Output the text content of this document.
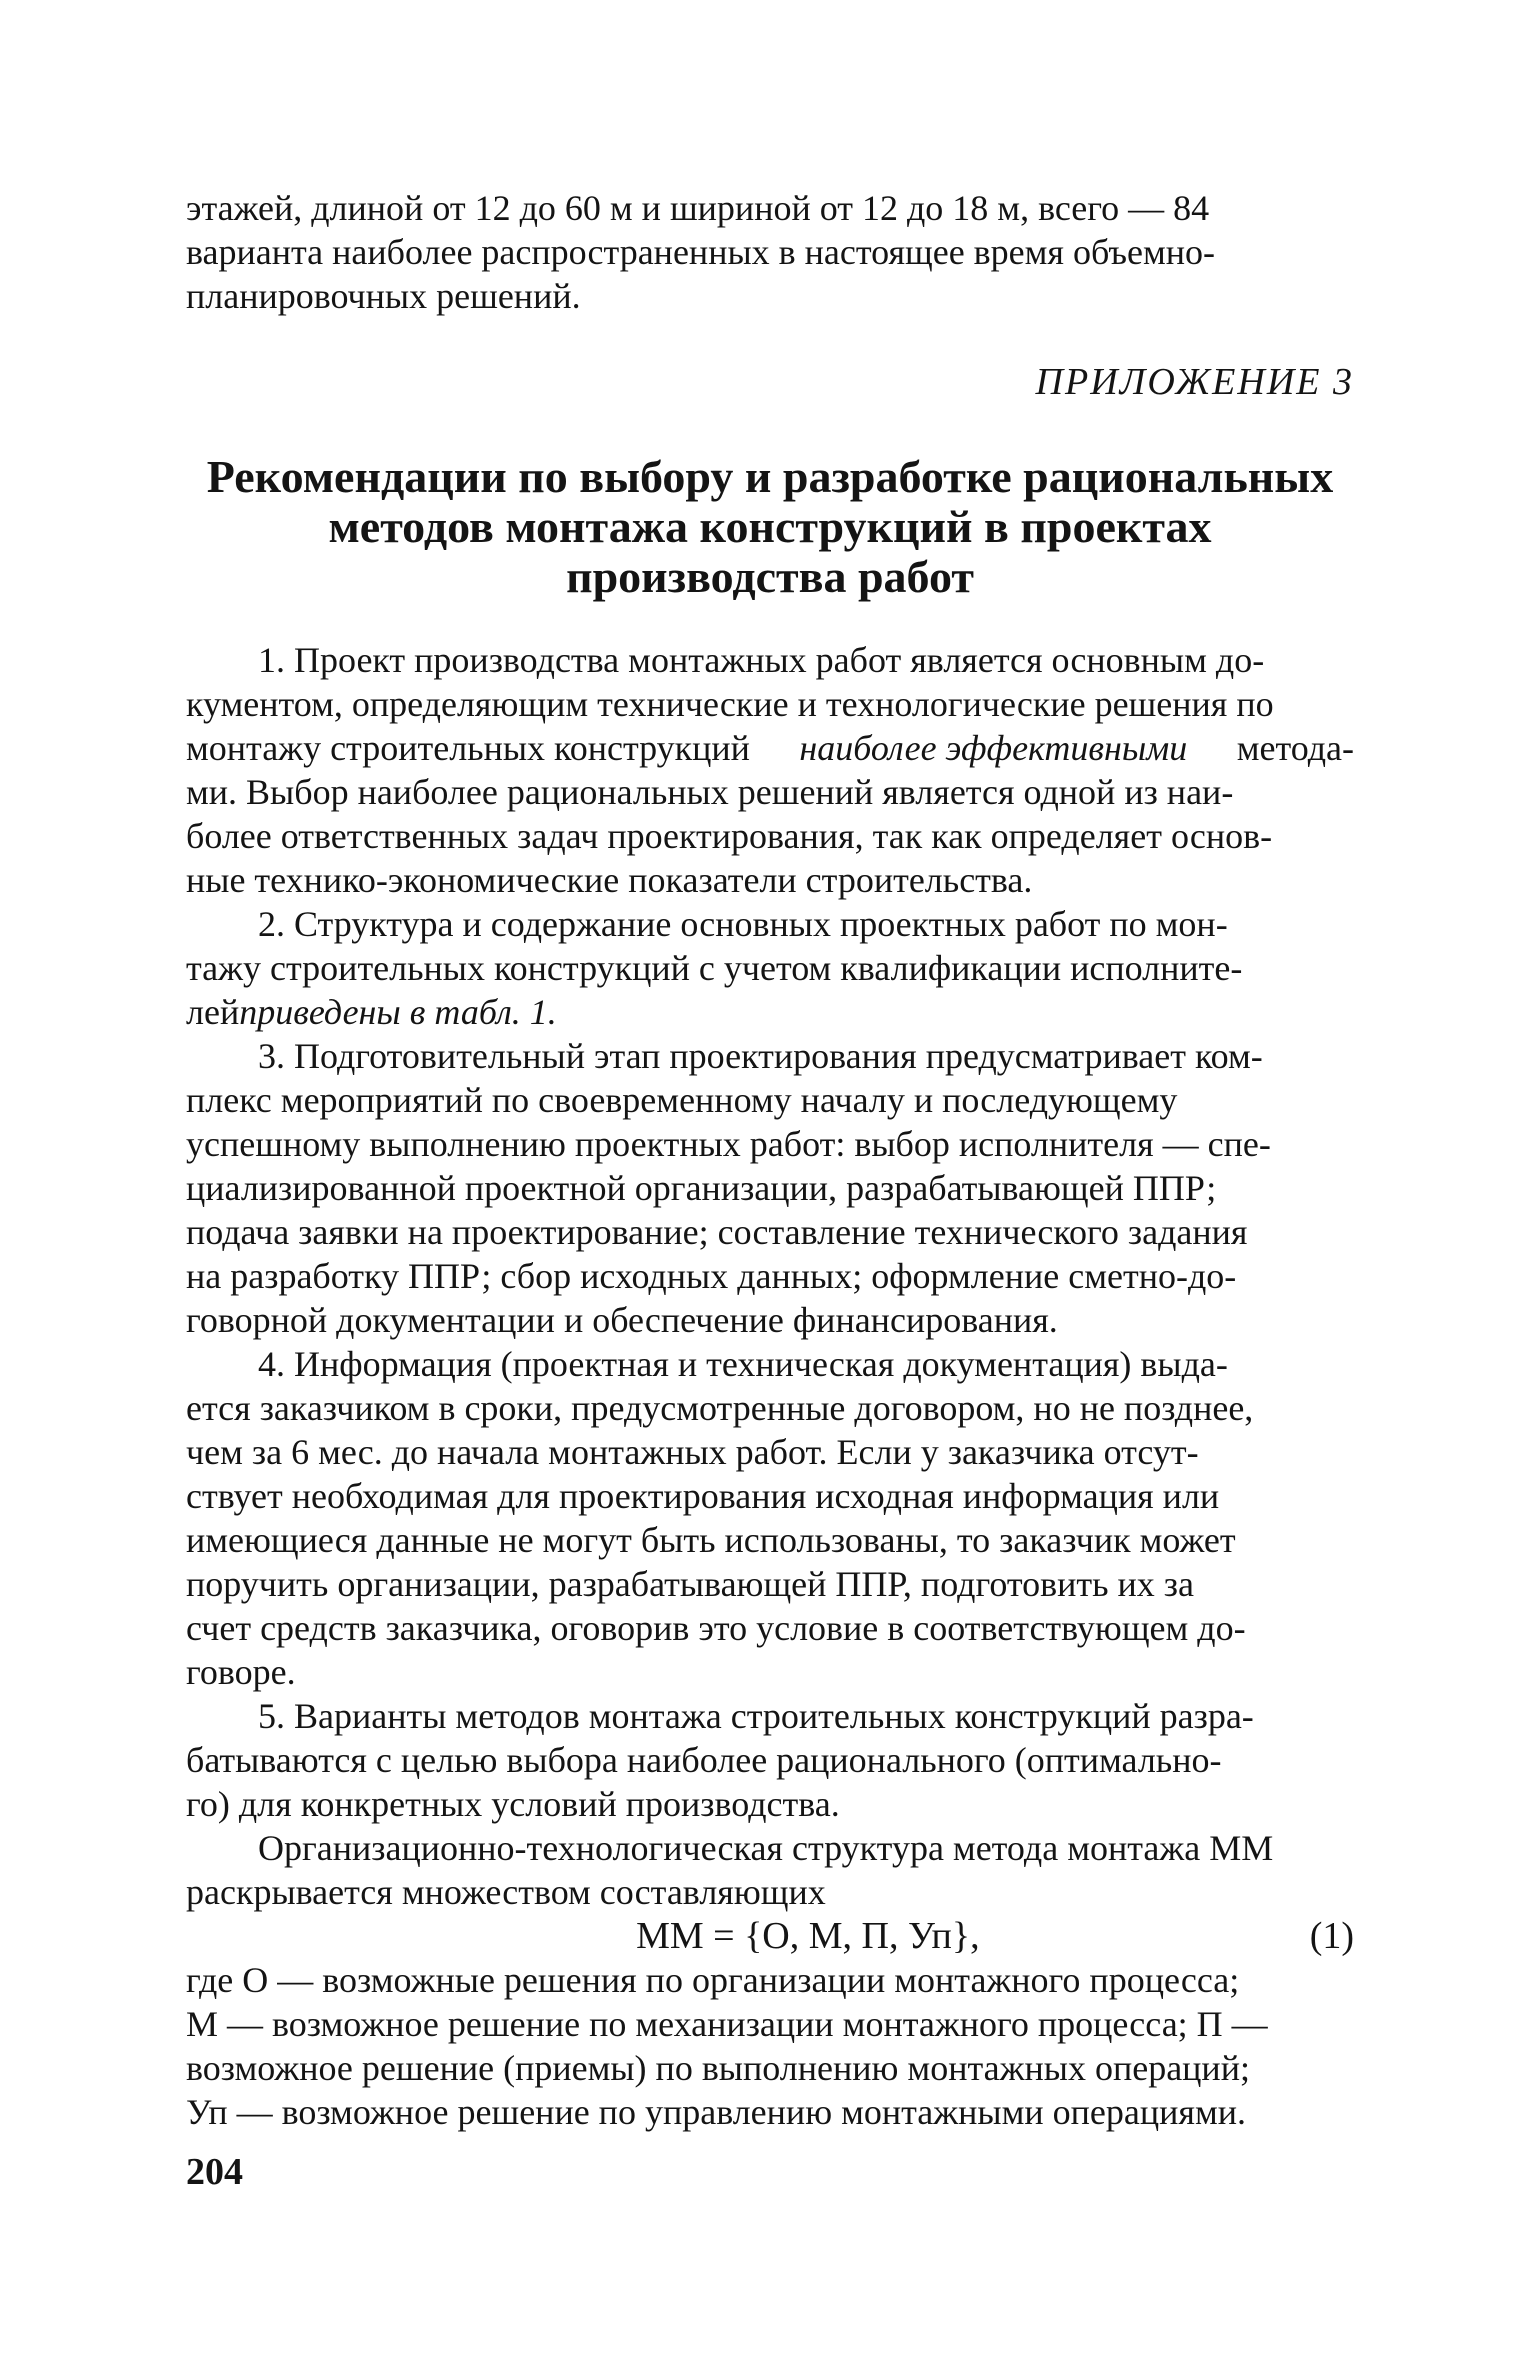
этажей, длиной от 12 до 60 м и шириной от 12 до 18 м, всего — 84
варианта наиболее распространенных в настоящее время объемно-
планировочных решений.
ПРИЛОЖЕНИЕ 3
Рекомендации по выбору и разработке рациональных
методов монтажа конструкций в проектах
производства работ
1. Проект производства монтажных работ является основным до-
кументом, определяющим технические и технологические решения по
монтажу строительных конструкций наиболее эффективными метода-
ми. Выбор наиболее рациональных решений является одной из наи-
более ответственных задач проектирования, так как определяет основ-
ные технико-экономические показатели строительства.
2. Структура и содержание основных проектных работ по мон-
тажу строительных конструкций с учетом квалификации исполните-
лей приведены в табл. 1.
3. Подготовительный этап проектирования предусматривает ком-
плекс мероприятий по своевременному началу и последующему
успешному выполнению проектных работ: выбор исполнителя — спе-
циализированной проектной организации, разрабатывающей ППР;
подача заявки на проектирование; составление технического задания
на разработку ППР; сбор исходных данных; оформление сметно-до-
говорной документации и обеспечение финансирования.
4. Информация (проектная и техническая документация) выда-
ется заказчиком в сроки, предусмотренные договором, но не позднее,
чем за 6 мес. до начала монтажных работ. Если у заказчика отсут-
ствует необходимая для проектирования исходная информация или
имеющиеся данные не могут быть использованы, то заказчик может
поручить организации, разрабатывающей ППР, подготовить их за
счет средств заказчика, оговорив это условие в соответствующем до-
говоре.
5. Варианты методов монтажа строительных конструкций разра-
батываются с целью выбора наиболее рационального (оптимально-
го) для конкретных условий производства.
Организационно-технологическая структура метода монтажа ММ
раскрывается множеством составляющих
ММ = {О, М, П, Уп},	(1)
где О — возможные решения по организации монтажного процесса;
М — возможное решение по механизации монтажного процесса; П —
возможное решение (приемы) по выполнению монтажных операций;
Уп — возможное решение по управлению монтажными операциями.
204
